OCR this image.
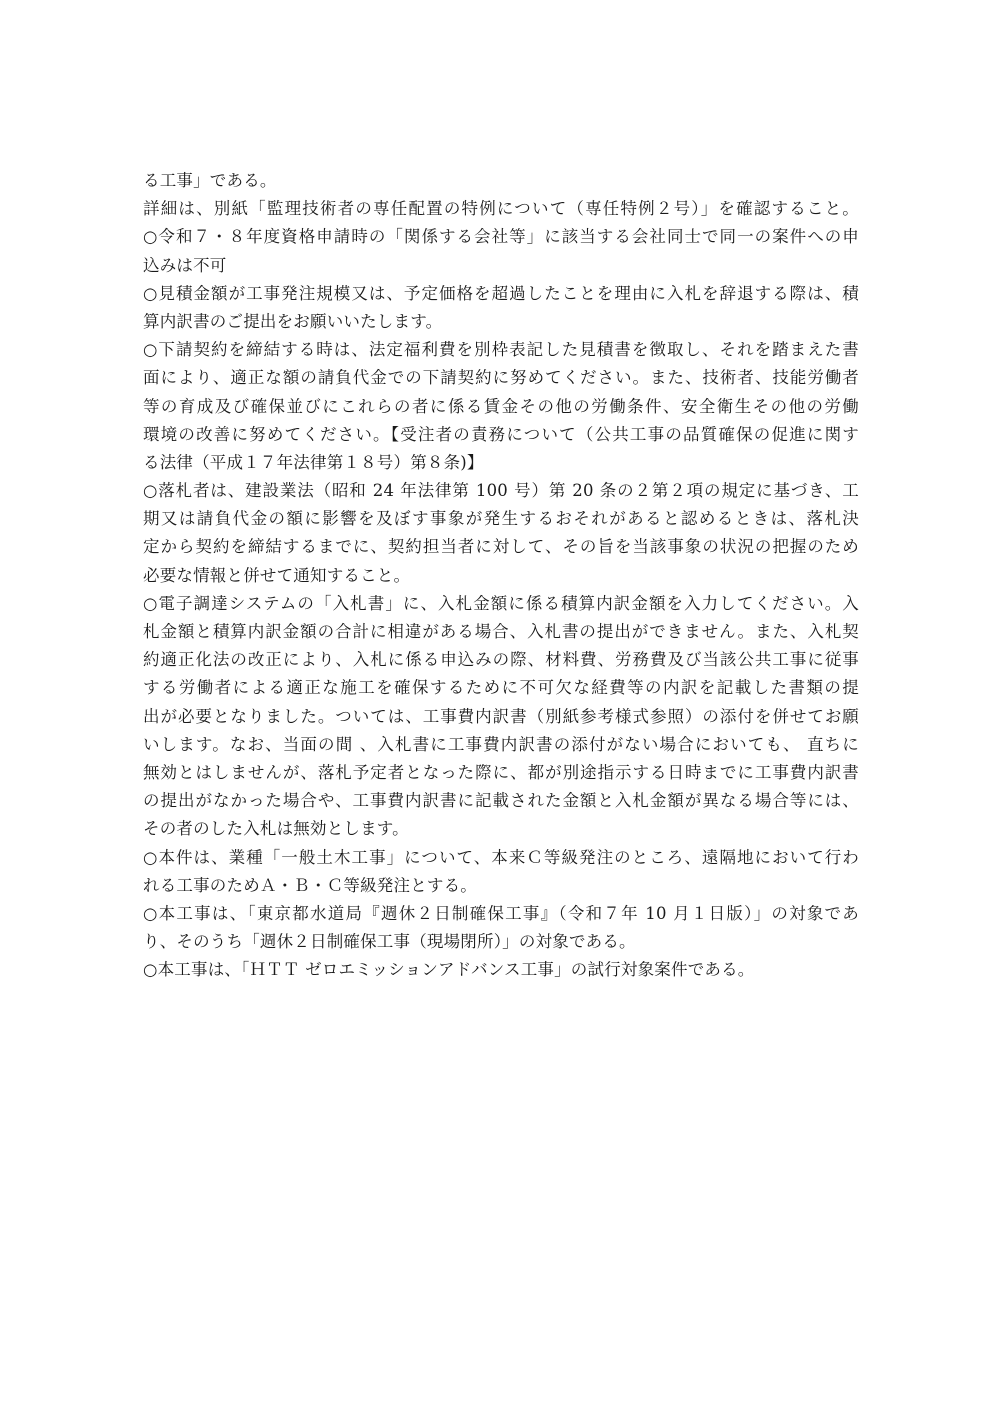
る工事」である。
詳細は、別紙「監理技術者の専任配置の特例について（専任特例２号）」を確認すること。
○令和７・８年度資格申請時の「関係する会社等」に該当する会社同士で同一の案件への申
込みは不可
○見積金額が工事発注規模又は、予定価格を超過したことを理由に入札を辞退する際は、積
算内訳書のご提出をお願いいたします。
○下請契約を締結する時は、法定福利費を別枠表記した見積書を徴取し、それを踏まえた書
面により、適正な額の請負代金での下請契約に努めてください。また、技術者、技能労働者
等の育成及び確保並びにこれらの者に係る賃金その他の労働条件、安全衛生その他の労働
環境の改善に努めてください。【受注者の責務について（公共工事の品質確保の促進に関す
る法律（平成１７年法律第１８号）第８条)】
○落札者は、建設業法（昭和 24 年法律第 100 号）第 20 条の２第２項の規定に基づき、工
期又は請負代金の額に影響を及ぼす事象が発生するおそれがあると認めるときは、落札決
定から契約を締結するまでに、契約担当者に対して、その旨を当該事象の状況の把握のため
必要な情報と併せて通知すること。
○電子調達システムの「入札書」に、入札金額に係る積算内訳金額を入力してください。入
札金額と積算内訳金額の合計に相違がある場合、入札書の提出ができません。また、入札契
約適正化法の改正により、入札に係る申込みの際、材料費、労務費及び当該公共工事に従事
する労働者による適正な施工を確保するために不可欠な経費等の内訳を記載した書類の提
出が必要となりました。ついては、工事費内訳書（別紙参考様式参照）の添付を併せてお願
いします。なお、当面の間 、入札書に工事費内訳書の添付がない場合においても、 直ちに
無効とはしませんが、落札予定者となった際に、都が別途指示する日時までに工事費内訳書
の提出がなかった場合や、工事費内訳書に記載された金額と入札金額が異なる場合等には、
その者のした入札は無効とします。
○本件は、業種「一般土木工事」について、本来Ｃ等級発注のところ、遠隔地において行わ
れる工事のためＡ・Ｂ・Ｃ等級発注とする。
○本工事は、「東京都水道局『週休２日制確保工事』（令和７年 10 月１日版）」の対象であ
り、そのうち「週休２日制確保工事（現場閉所）」の対象である。
○本工事は、「ＨＴＴ ゼロエミッションアドバンス工事」の試行対象案件である。
